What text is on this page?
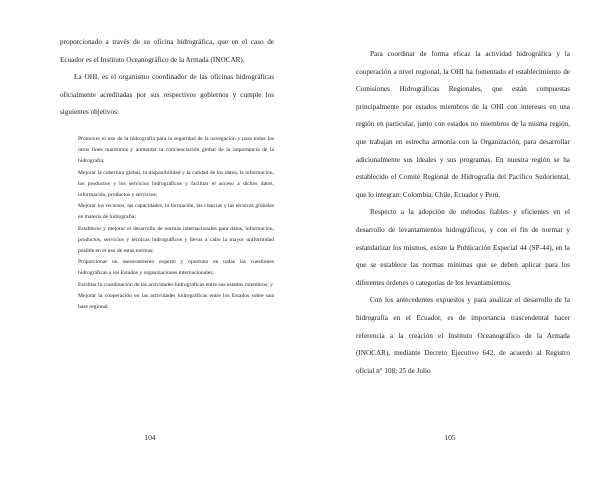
proporcionado a través de su oficina hidrográfica, que en el caso de Ecuador es el Instituto Oceanográfico de la Armada (INOCAR).

La OHI, es el organismo coordinador de las oficinas hidrográficas oficialmente acreditadas por sus respectivos gobiernos y cumple los siguientes objetivos:

Promover el uso de la hidrografía para la seguridad de la navegación y para todos los otros fines marítimos y aumentar la concienciación global de la importancia de la hidrografía;
Mejorar la cobertura global, la disponibilidad y la calidad de los datos, la información, los productos y los servicios hidrográficos y facilitar el acceso a dichos datos, información, productos y servicios;
Mejorar los recursos, las capacidades, la formación, las ciencias y las técnicas globales en materia de hidrografía;
Establecer y mejorar el desarrollo de normas internacionales para datos, información, productos, servicios y técnicas hidrográficos y llevar a cabo la mayor uniformidad posible en el uso de estas normas;
Proporcionar un asesoramiento experto y oportuno en todas las cuestiones hidrográficas a los Estados y organizaciones internacionales;
Facilitar la coordinación de las actividades hidrográficas entre sus estados miembros; y
Mejorar la cooperación en las actividades hidrográficas entre los Estados sobre una base regional.
104

Para coordinar de forma eficaz la actividad hidrográfica y la cooperación a nivel regional, la OHI ha fomentado el establecimiento de Comisiones Hidrográficas Regionales, que están compuestas principalmente por estados miembros de la OHI con intereses en una región en particular, junto con estados no miembros de la misma región, que trabajan en estrecha armonía con la Organización, para desarrollar adicionalmente sus ideales y sus programas. En nuestra región se ha establecido el Comité Regional de Hidrografía del Pacífico Sudoriental, que lo integran: Colombia, Chile, Ecuador y Perú.

Respecto a la adopción de métodos fiables y eficientes en el desarrollo de levantamientos hidrográficos, y con el fin de normar y estandarizar los mismos, existe la Publicación Especial 44 (SP-44), en la que se establece las normas mínimas que se deben aplicar para los diferentes órdenes o categorías de los levantamientos.

Con los antecedentes expuestos y para analizar el desarrollo de la hidrografía en el Ecuador, es de importancia trascendental hacer referencia a la creación el Instituto Oceanográfico de la Armada (INOCAR), mediante Decreto Ejecutivo 642, de acuerdo al Registro oficial n° 108; 25 de Julio

105
